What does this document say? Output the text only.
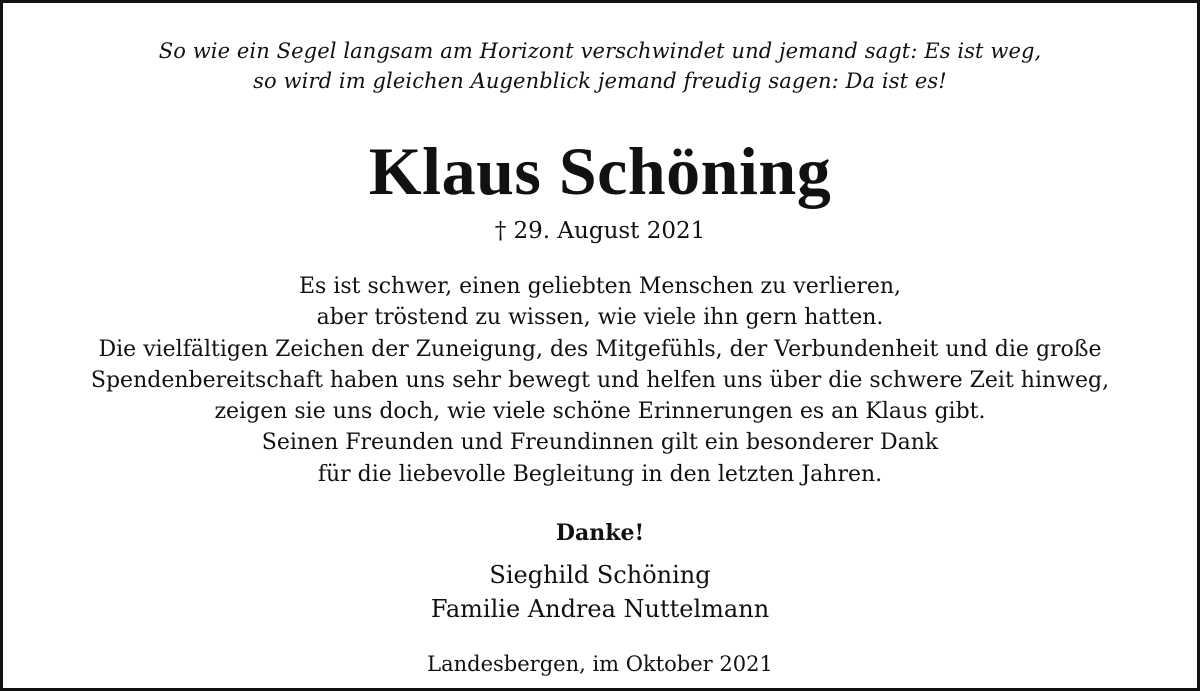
So wie ein Segel langsam am Horizont verschwindet und jemand sagt: Es ist weg,
so wird im gleichen Augenblick jemand freudig sagen: Da ist es!
Klaus Schöning
† 29. August 2021
Es ist schwer, einen geliebten Menschen zu verlieren,
aber tröstend zu wissen, wie viele ihn gern hatten.
Die vielfältigen Zeichen der Zuneigung, des Mitgefühls, der Verbundenheit und die große
Spendenbereitschaft haben uns sehr bewegt und helfen uns über die schwere Zeit hinweg,
zeigen sie uns doch, wie viele schöne Erinnerungen es an Klaus gibt.
Seinen Freunden und Freundinnen gilt ein besonderer Dank
für die liebevolle Begleitung in den letzten Jahren.
Danke!
Sieghild Schöning
Familie Andrea Nuttelmann
Landesbergen, im Oktober 2021
